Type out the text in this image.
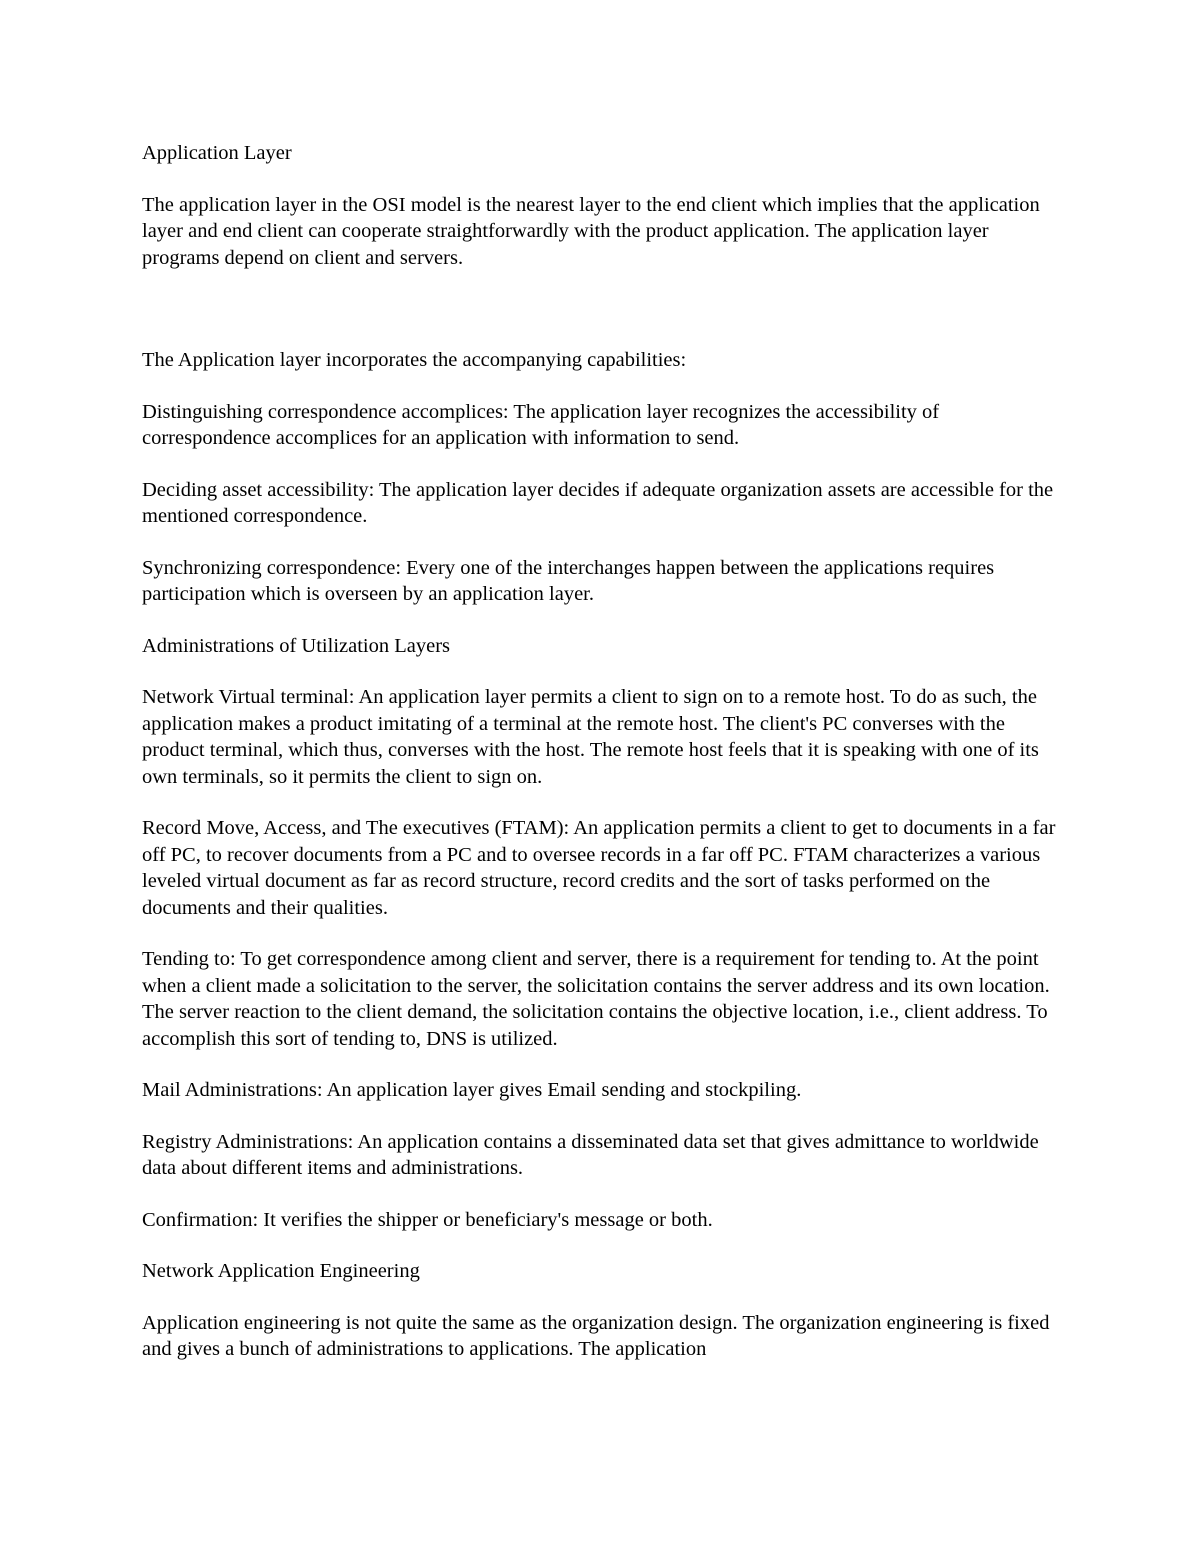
Application Layer

The application layer in the OSI model is the nearest layer to the end client which implies that the application layer and end client can cooperate straightforwardly with the product application. The application layer programs depend on client and servers.

The Application layer incorporates the accompanying capabilities:

Distinguishing correspondence accomplices: The application layer recognizes the accessibility of correspondence accomplices for an application with information to send.

Deciding asset accessibility: The application layer decides if adequate organization assets are accessible for the mentioned correspondence.

Synchronizing correspondence: Every one of the interchanges happen between the applications requires participation which is overseen by an application layer.

Administrations of Utilization Layers

Network Virtual terminal: An application layer permits a client to sign on to a remote host. To do as such, the application makes a product imitating of a terminal at the remote host. The client's PC converses with the product terminal, which thus, converses with the host. The remote host feels that it is speaking with one of its own terminals, so it permits the client to sign on.

Record Move, Access, and The executives (FTAM): An application permits a client to get to documents in a far off PC, to recover documents from a PC and to oversee records in a far off PC. FTAM characterizes a various leveled virtual document as far as record structure, record credits and the sort of tasks performed on the documents and their qualities.

Tending to: To get correspondence among client and server, there is a requirement for tending to. At the point when a client made a solicitation to the server, the solicitation contains the server address and its own location. The server reaction to the client demand, the solicitation contains the objective location, i.e., client address. To accomplish this sort of tending to, DNS is utilized.

Mail Administrations: An application layer gives Email sending and stockpiling.

Registry Administrations: An application contains a disseminated data set that gives admittance to worldwide data about different items and administrations.

Confirmation: It verifies the shipper or beneficiary's message or both.

Network Application Engineering

Application engineering is not quite the same as the organization design. The organization engineering is fixed and gives a bunch of administrations to applications. The application
